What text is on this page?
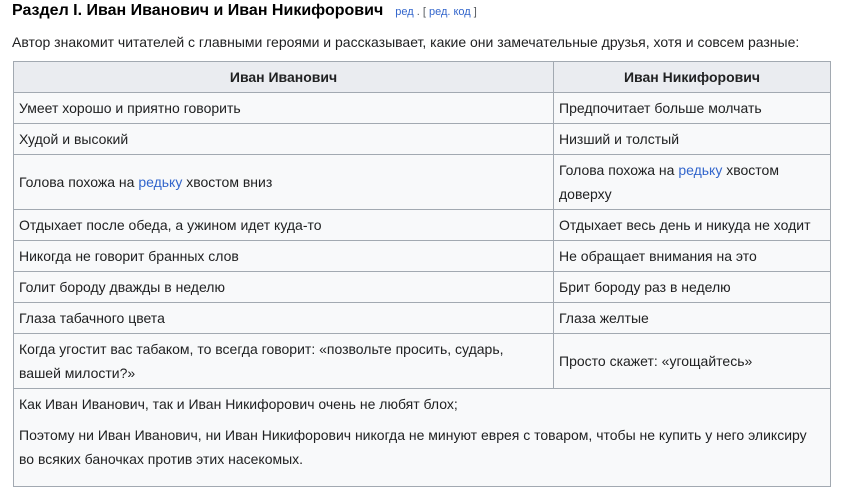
Раздел I. Иван Иванович и Иван Никифорович ред . [ ред. код ]
Автор знакомит читателей с главными героями и рассказывает, какие они замечательные друзья, хотя и совсем разные:
Иван Иванович	Иван Никифорович
Умеет хорошо и приятно говорить	Предпочитает больше молчать
Худой и высокий	Низший и толстый
Голова похожа на редьку хвостом вниз	Голова похожа на редьку хвостом доверху
Отдыхает после обеда, а ужином идет куда-то	Отдыхает весь день и никуда не ходит
Никогда не говорит бранных слов	Не обращает внимания на это
Голит бороду дважды в неделю	Брит бороду раз в неделю
Глаза табачного цвета	Глаза желтые
Когда угостит вас табаком, то всегда говорит: «позвольте просить, сударь, вашей милости?»	Просто скажет: «угощайтесь»

Как Иван Иванович, так и Иван Никифорович очень не любят блох;
Поэтому ни Иван Иванович, ни Иван Никифорович никогда не минуют еврея с товаром, чтобы не купить у него эликсиру во всяких баночках против этих насекомых.	
